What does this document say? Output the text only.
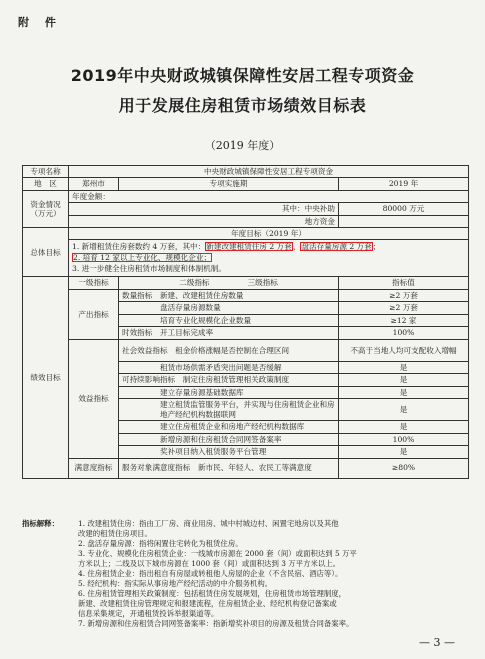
附 件
2019年中央财政城镇保障性安居工程专项资金
用于发展住房租赁市场绩效目标表
（2019 年度）
专项名称	中央财政城镇保障性安居工程专项资金		
地　区	郑州市	专项实施期	2019 年
资金情况（万元）	年度金额：		
	其中：中央补助		80000 万元
	地方资金		
总体目标	年度目标（2019 年）
1. 新增租赁住房套数约 4 万套，其中：新建改建租赁住房 2 万套，盘活存量房源 2 万套；
2. 培育 12 家以上专业化、规模化企业；
3. 进一步健全住房租赁市场制度和体制机制。		

绩效目标	一级指标	二级指标　　　　　 三级指标	指标值
	产出指标	数量指标　 新建、改建租赁住房数量	≥2 万套
		盘活存量房源数量	≥2 万套
		培育专业化规模化企业数量	≥12 家
		时效指标　 开工目标完成率	100%
	效益指标	社会效益指标　 租金价格涨幅是否控制在合理区间	不高于当地人均可支配收入增幅
		租赁市场供需矛盾突出问题是否缓解	是
		可持续影响指标　 制定住房租赁管理相关政策制度	是
		建立存量房源基础数据库	是
		建立租赁监管服务平台，并实现与住房租赁企业和房地产经纪机构数据联网	是
		建立住房租赁企业和房地产经纪机构数据库	是
		新增房源和住房租赁合同网签备案率	100%
		奖补项目纳入租赁服务平台管理	是
	满意度指标	服务对象满意度指标　 新市民、年轻人、农民工等满意度	≥80%
指标解释：	1. 改建租赁住房：指由工厂房、商业用房、城中村城边村、闲置宅地房以及其他
改建的租赁住房项目。
2. 盘活存量房源：指将闲置住宅转化为租赁住房。
3. 专业化、规模化住房租赁企业：一线城市房源在 2000 套（间）或面积达到 5 万平
方米以上；二线及以下城市房源在 1000 套（间）或面积达到 3 万平方米以上。
4. 住房租赁企业：指出租自有房屋或转租他人房屋的企业（不含民宿、酒店等）。
5. 经纪机构：指实际从事房地产经纪活动的中介服务机构。
6. 住房租赁管理相关政策制度：包括租赁住房发展规划，住房租赁市场管理制度，
新建、改建租赁住房管理规定和报建流程，住房租赁企业、经纪机构登记备案或
信息采集规定，开通租赁投诉举报渠道等。
7. 新增房源和住房租赁合同网签备案率：指新增奖补项目的房源及租赁合同备案率。
— 3 —
